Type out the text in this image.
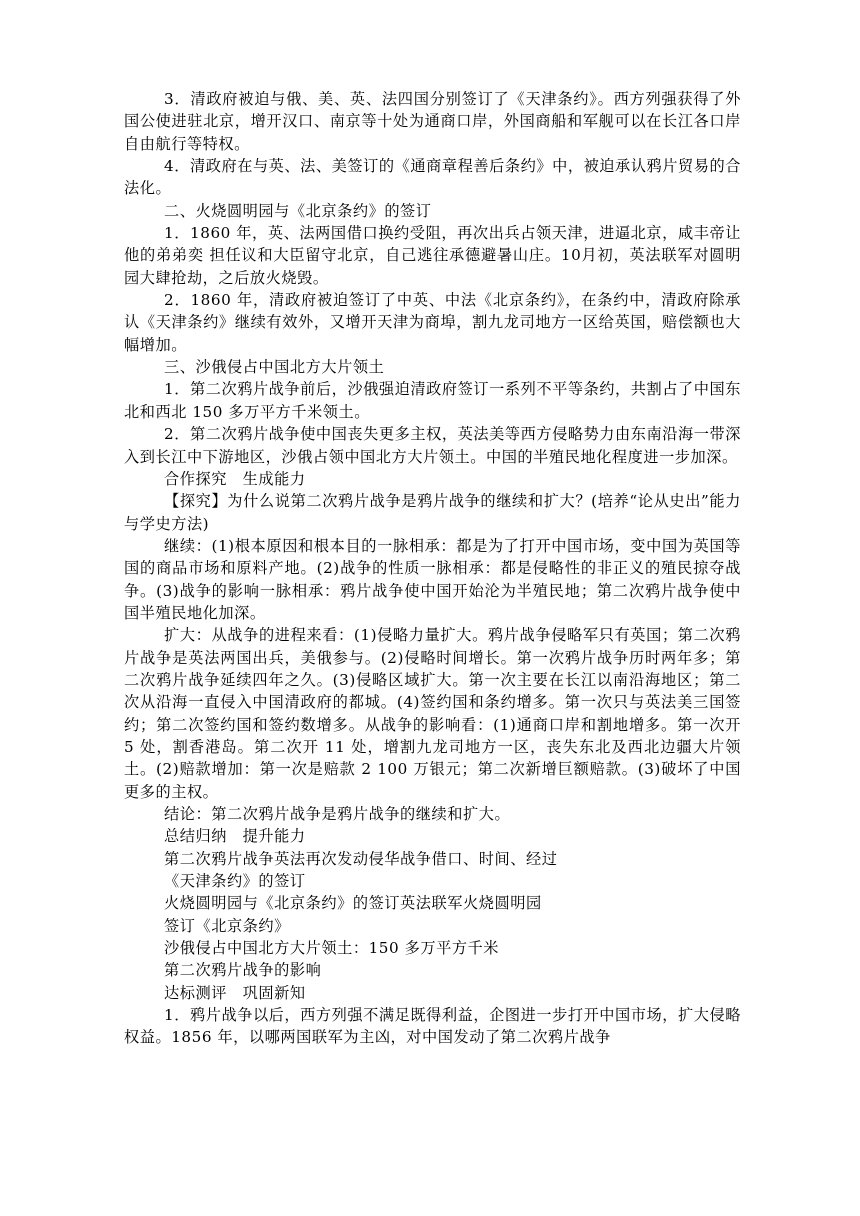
3．清政府被迫与俄、美、英、法四国分别签订了《天津条约》。西方列强获得了外国公使进驻北京，增开汉口、南京等十处为通商口岸，外国商船和军舰可以在长江各口岸自由航行等特权。

4．清政府在与英、法、美签订的《通商章程善后条约》中，被迫承认鸦片贸易的合法化。

二、火烧圆明园与《北京条约》的签订

1．1860 年，英、法两国借口换约受阻，再次出兵占领天津，进逼北京，咸丰帝让他的弟弟奕 担任议和大臣留守北京，自己逃往承德避暑山庄。10月初，英法联军对圆明园大肆抢劫，之后放火烧毁。

2．1860 年，清政府被迫签订了中英、中法《北京条约》，在条约中，清政府除承认《天津条约》继续有效外，又增开天津为商埠，割九龙司地方一区给英国，赔偿额也大幅增加。

三、沙俄侵占中国北方大片领土

1．第二次鸦片战争前后，沙俄强迫清政府签订一系列不平等条约，共割占了中国东北和西北 150 多万平方千米领土。

2．第二次鸦片战争使中国丧失更多主权，英法美等西方侵略势力由东南沿海一带深入到长江中下游地区，沙俄占领中国北方大片领土。中国的半殖民地化程度进一步加深。

合作探究　生成能力

【探究】为什么说第二次鸦片战争是鸦片战争的继续和扩大？(培养“论从史出”能力与学史方法)

继续：(1)根本原因和根本目的一脉相承：都是为了打开中国市场，变中国为英国等国的商品市场和原料产地。(2)战争的性质一脉相承：都是侵略性的非正义的殖民掠夺战争。(3)战争的影响一脉相承：鸦片战争使中国开始沦为半殖民地；第二次鸦片战争使中国半殖民地化加深。

扩大：从战争的进程来看：(1)侵略力量扩大。鸦片战争侵略军只有英国；第二次鸦片战争是英法两国出兵，美俄参与。(2)侵略时间增长。第一次鸦片战争历时两年多；第二次鸦片战争延续四年之久。(3)侵略区域扩大。第一次主要在长江以南沿海地区；第二次从沿海一直侵入中国清政府的都城。(4)签约国和条约增多。第一次只与英法美三国签约；第二次签约国和签约数增多。从战争的影响看：(1)通商口岸和割地增多。第一次开 5 处，割香港岛。第二次开 11 处，增割九龙司地方一区，丧失东北及西北边疆大片领土。(2)赔款增加：第一次是赔款 2 100 万银元；第二次新增巨额赔款。(3)破坏了中国更多的主权。

结论：第二次鸦片战争是鸦片战争的继续和扩大。

总结归纳　提升能力

第二次鸦片战争英法再次发动侵华战争借口、时间、经过

《天津条约》的签订

火烧圆明园与《北京条约》的签订英法联军火烧圆明园

签订《北京条约》

沙俄侵占中国北方大片领土：150 多万平方千米

第二次鸦片战争的影响

达标测评　巩固新知

1．鸦片战争以后，西方列强不满足既得利益，企图进一步打开中国市场，扩大侵略权益。1856 年，以哪两国联军为主凶，对中国发动了第二次鸦片战争
